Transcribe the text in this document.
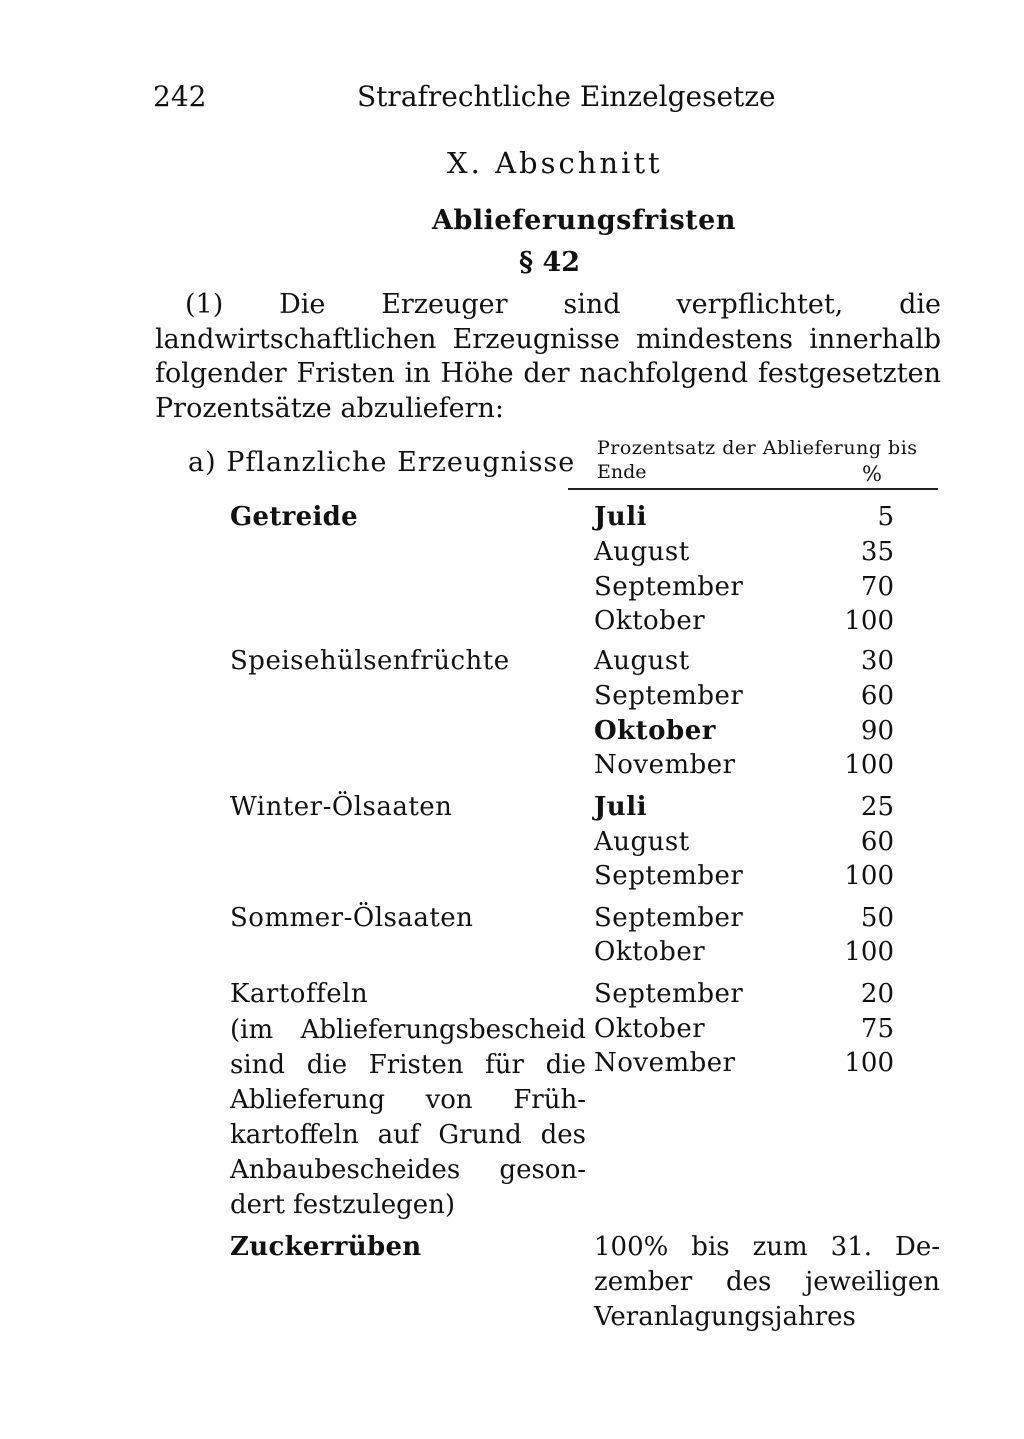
242	Strafrechtliche Einzelgesetze
X. Abschnitt
Ablieferungsfristen
§ 42

(1) Die Erzeuger sind verpflichtet, die landwirtschaftlichen Erzeugnisse mindestens innerhalb folgender Fristen in Höhe der nachfolgend festgesetzten Prozentsätze abzuliefern:

a) Pflanzliche Erzeugnisse Prozentsatz der Ablieferung bis
Ende	%
Getreide	Juli	5
August	35
September	70
Oktober	100
Speisehülsenfrüchte	August	30
September	60
Oktober	90
November	100
Winter-Ölsaaten	Juli	25
August	60
September	100
Sommer-Ölsaaten	September	50
Oktober	100
Kartoffeln	September	20
Oktober	75
November	100
(im Ablieferungsbescheid
sind die Fristen für die
Ablieferung von Früh-
kartoffeln auf Grund des
Anbaubescheides geson-
dert festzulegen)
Zuckerrüben	100% bis zum 31. De-
zember des jeweiligen
Veranlagungsjahres
